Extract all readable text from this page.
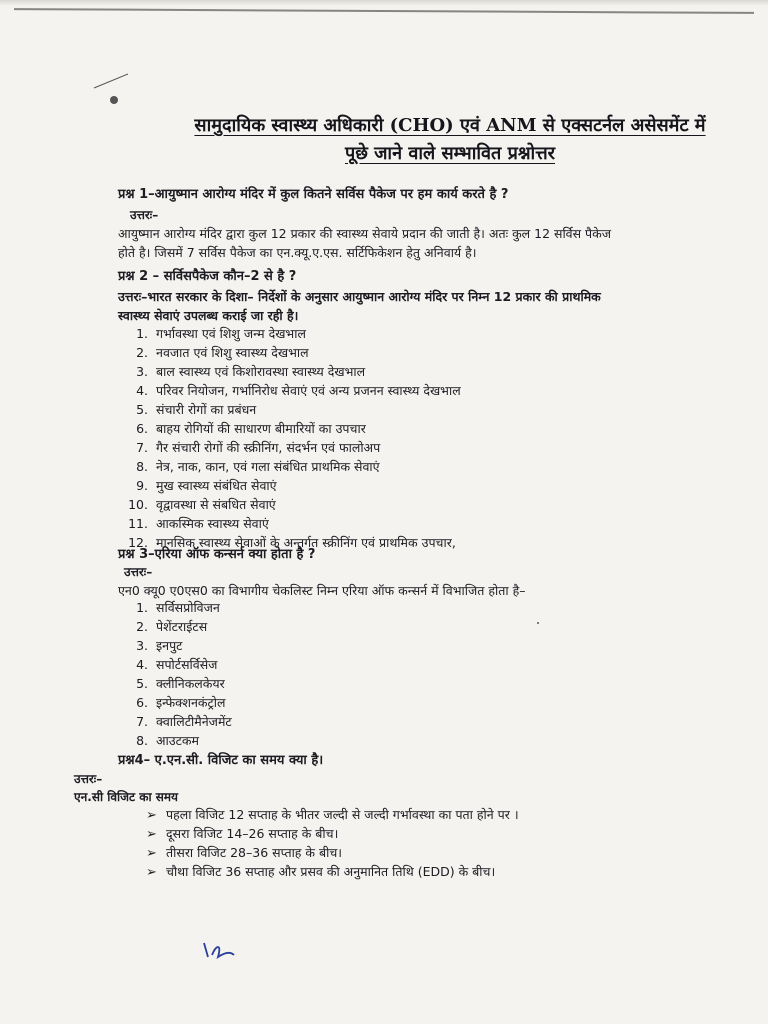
सामुदायिक स्वास्थ्य अधिकारी (CHO) एवं ANM से एक्सटर्नल असेसमेंट में
पूछे जाने वाले सम्भावित प्रश्नोत्तर
प्रश्न 1–आयुष्मान आरोग्य मंदिर में कुल कितने सर्विस पैकेज पर हम कार्य करते है ?
उत्तरः–
आयुष्मान आरोग्य मंदिर द्वारा कुल 12 प्रकार की स्वास्थ्य सेवाये प्रदान की जाती है। अतः कुल 12 सर्विस पैकेज
होते है। जिसमें 7 सर्विस पैकेज का एन.क्यू.ए.एस. सर्टिफिकेशन हेतु अनिवार्य है।
प्रश्न 2 – सर्विसपैकेज कौन–2 से है ?
उत्तरः–भारत सरकार के दिशा– निर्देशों के अनुसार आयुष्मान आरोग्य मंदिर पर निम्न 12 प्रकार की प्राथमिक
स्वास्थ्य सेवाएं उपलब्ध कराई जा रही है।
1. गर्भावस्था एवं शिशु जन्म देखभाल
2. नवजात एवं शिशु स्वास्थ्य देखभाल
3. बाल स्वास्थ्य एवं किशोरावस्था स्वास्थ्य देखभाल
4. परिवर नियोजन, गर्भानिरोध सेवाएं एवं अन्य प्रजनन स्वास्थ्य देखभाल
5. संचारी रोगों का प्रबंधन
6. बाहय रोगियों की साधारण बीमारियों का उपचार
7. गैर संचारी रोगों की स्क्रीनिंग, संदर्भन एवं फालोअप
8. नेत्र, नाक, कान, एवं गला संबंधित प्राथमिक सेवाएं
9. मुख स्वास्थ्य संबंधित सेवाएं
10. वृद्वावस्था से संबधित सेवाएं
11. आकस्मिक स्वास्थ्य सेवाएं
12. मानसिक स्वास्थ्य सेवाओं के अन्तर्गत स्क्रीनिंग एवं प्राथमिक उपचार,
प्रश्न 3–एरिया ऑफ कन्सर्न क्या होता है ?
उत्तरः–
एन0 क्यू0 ए0एस0 का विभागीय चेकलिस्ट निम्न एरिया ऑफ कन्सर्न में विभाजित होता है–
1. सर्विसप्रोविजन
2. पेशेंटराईटस
3. इनपुट
4. सपोर्टसर्विसेज
5. क्लीनिकलकेयर
6. इन्फेक्शनकंट्रोल
7. क्वालिटीमैनेजमेंट
8. आउटकम
प्रश्न4– ए.एन.सी. विजिट का समय क्या है।
उत्तरः–
एन.सी विजिट का समय
➢ पहला विजिट 12 सप्ताह के भीतर जल्दी से जल्दी गर्भावस्था का पता होने पर ।
➢ दूसरा विजिट 14–26 सप्ताह के बीच।
➢ तीसरा विजिट 28–36 सप्ताह के बीच।
➢ चौथा विजिट 36 सप्ताह और प्रसव की अनुमानित तिथि (EDD) के बीच।
